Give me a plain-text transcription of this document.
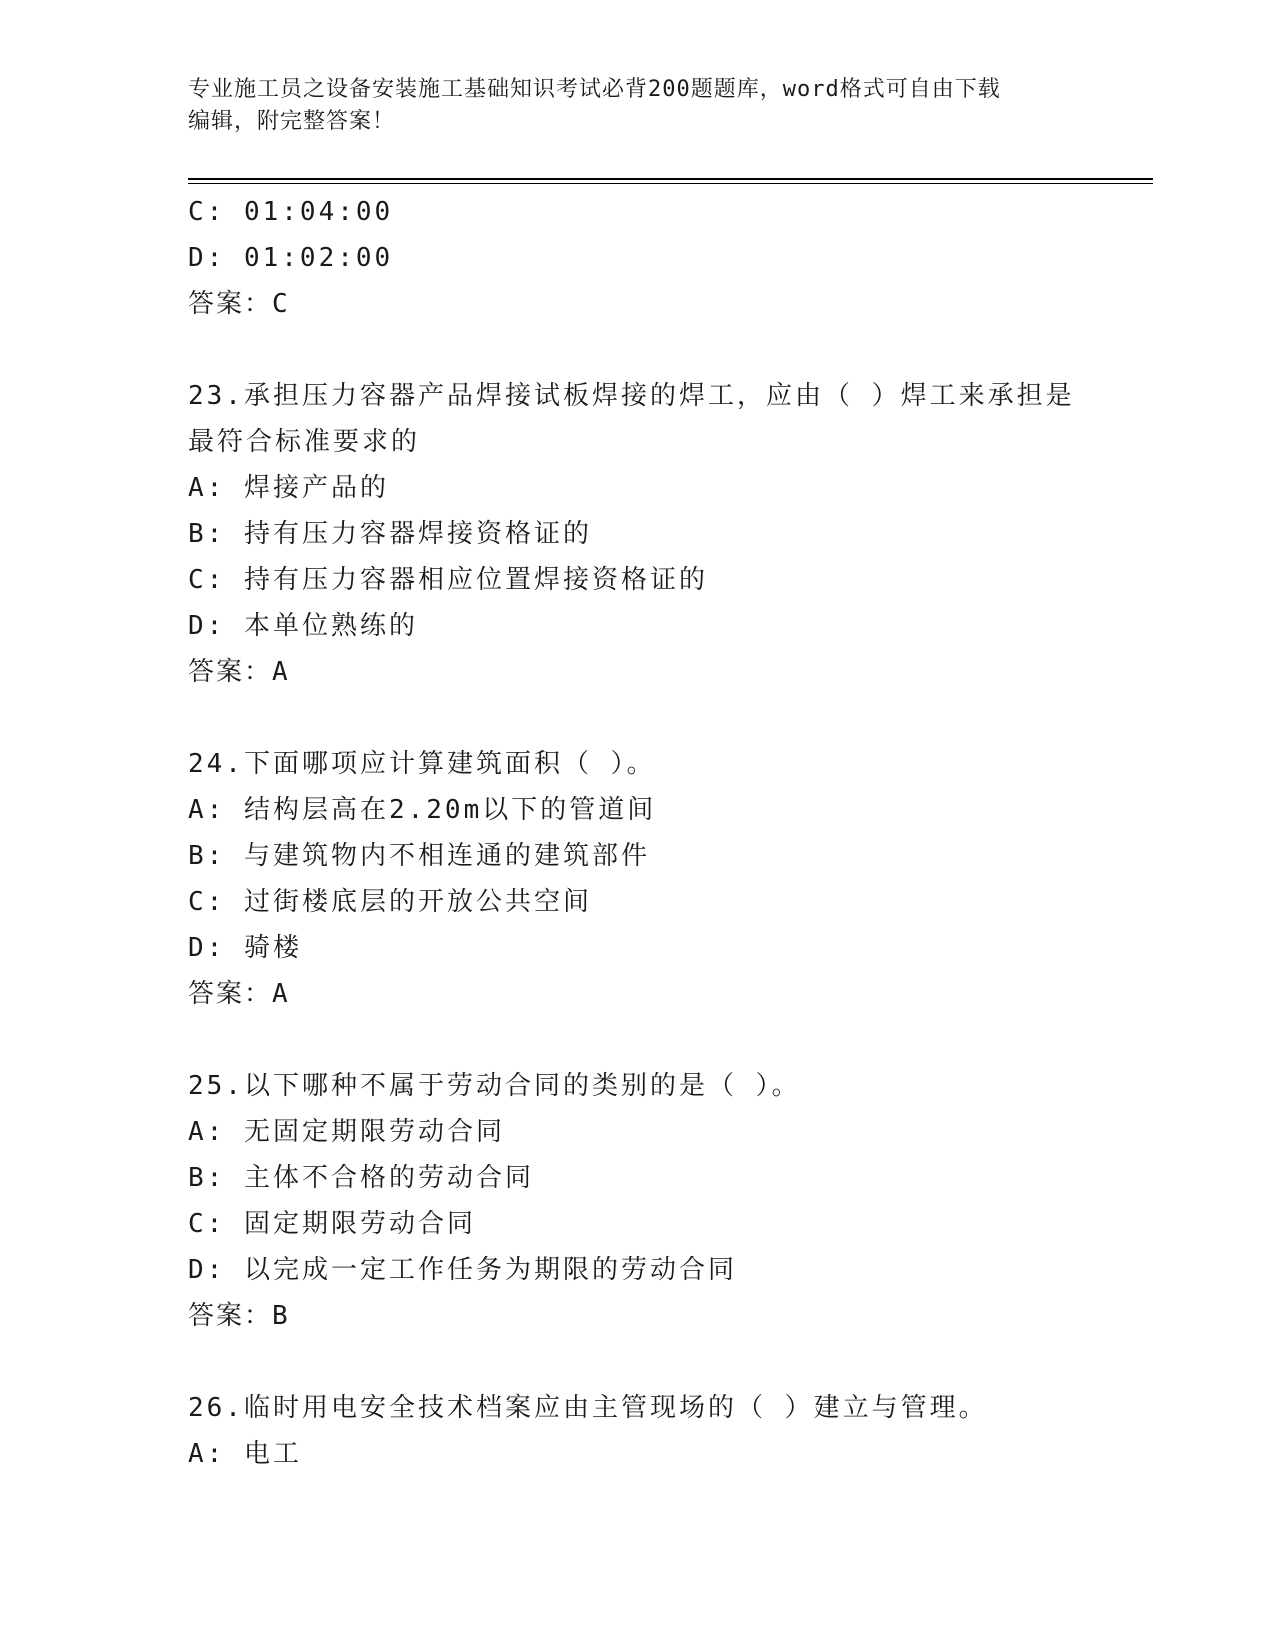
专业施工员之设备安装施工基础知识考试必背200题题库，word格式可自由下载
编辑，附完整答案！
C: 01:04:00
D: 01:02:00
答案：C
23.承担压力容器产品焊接试板焊接的焊工，应由（ ）焊工来承担是
最符合标准要求的
A: 焊接产品的
B: 持有压力容器焊接资格证的
C: 持有压力容器相应位置焊接资格证的
D: 本单位熟练的
答案：A
24.下面哪项应计算建筑面积（ ）。
A: 结构层高在2.20m以下的管道间
B: 与建筑物内不相连通的建筑部件
C: 过街楼底层的开放公共空间
D: 骑楼
答案：A
25.以下哪种不属于劳动合同的类别的是（ ）。
A: 无固定期限劳动合同
B: 主体不合格的劳动合同
C: 固定期限劳动合同
D: 以完成一定工作任务为期限的劳动合同
答案：B
26.临时用电安全技术档案应由主管现场的（ ）建立与管理。
A: 电工
